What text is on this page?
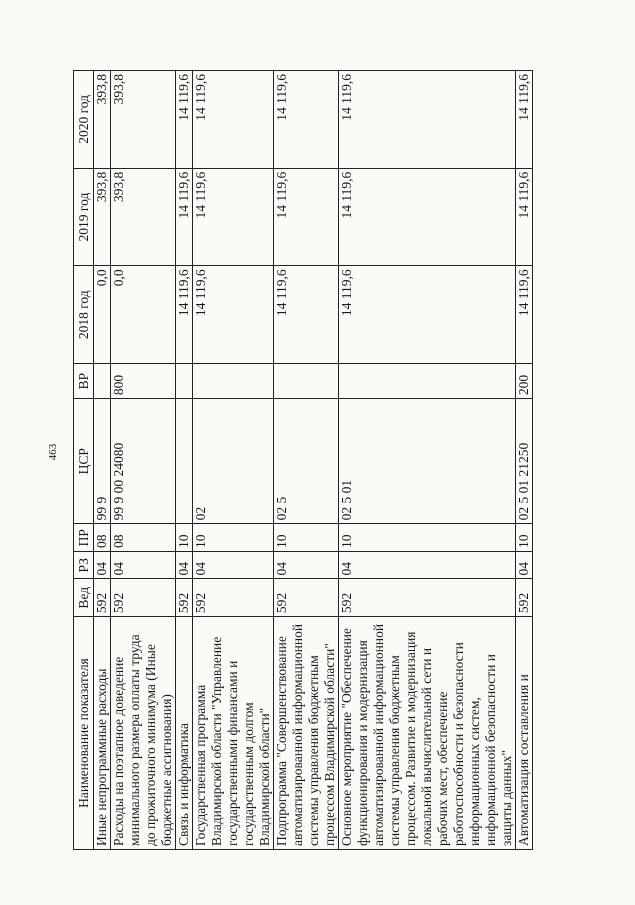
463
Наименование показателя	Вед	РЗ	ПР	ЦСР	ВР	2018 год	2019 год	2020 год
Иные непрограммные расходы	592	04	08	99 9		0,0	393,8	393,8
Расходы на поэтапное доведение минимального размера оплаты труда до прожиточного минимума (Иные бюджетные ассигнования)	592	04	08	99 9 00 24080	800	0,0	393,8	393,8
Связь и информатика	592	04	10			14 119,6	14 119,6	14 119,6
Государственная программа Владимирской области "Управление государственными финансами и государственным долгом Владимирской области"	592	04	10	02		14 119,6	14 119,6	14 119,6
Подпрограмма "Совершенствование автоматизированной информационной системы управления бюджетным процессом Владимирской области"	592	04	10	02 5		14 119,6	14 119,6	14 119,6
Основное мероприятие "Обеспечение функционирования и модернизация автоматизированной информационной системы управления бюджетным процессом. Развитие и модернизация локальной вычислительной сети и рабочих мест, обеспечение работоспособности и безопасности информационных систем, информационной безопасности и защиты данных"	592	04	10	02 5 01		14 119,6	14 119,6	14 119,6
Автоматизация составления и	592	04	10	02 5 01 21250	200	14 119,6	14 119,6	14 119,6
